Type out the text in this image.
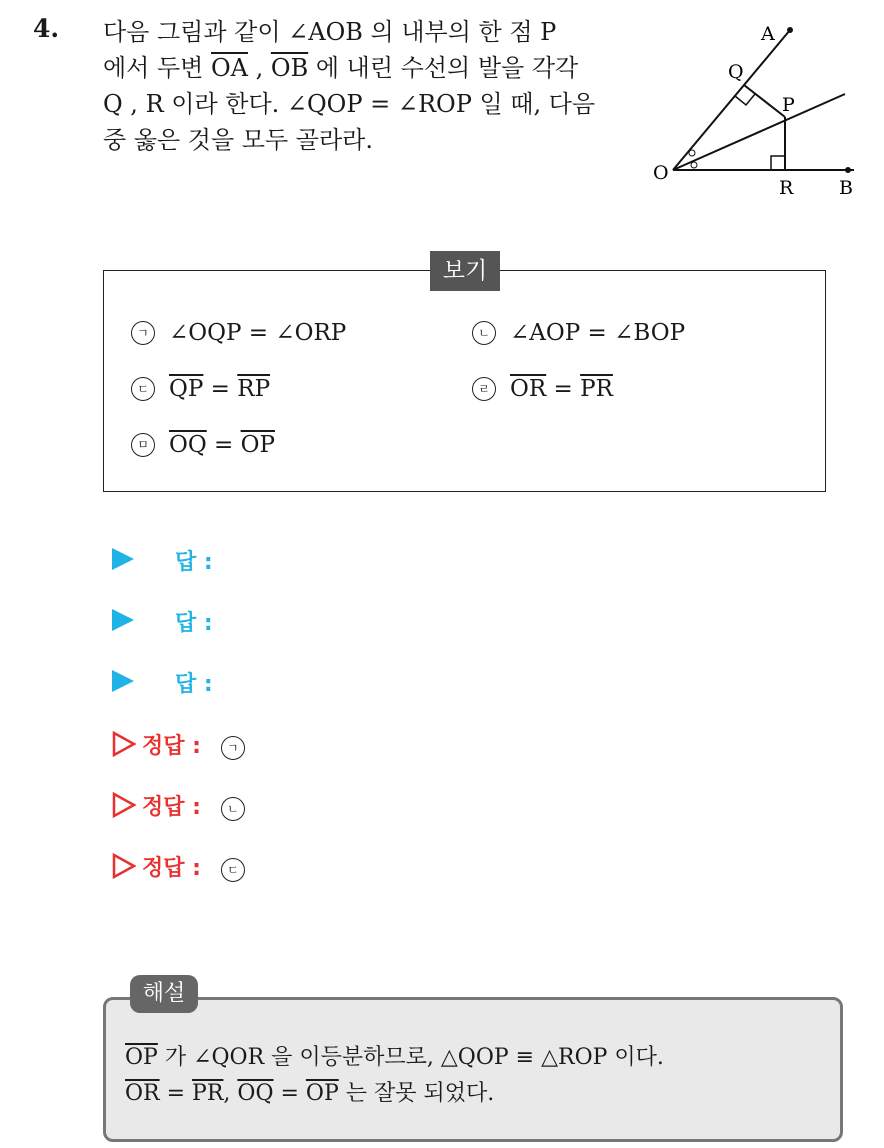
4. 다음 그림과 같이 ∠AOB 의 내부의 한 점 P
에서 두변 $\overline{OA}$ , $\overline{OB}$ 에 내린 수선의 발을 각각
Q , R 이라 한다. ∠QOP = ∠ROP 일 때, 다음
중 옳은 것을 모두 골라라.
A
Q
P
O
R B
보기
ㄱ ∠OQP = ∠ORP	ㄴ ∠AOP = ∠BOP
ㄷ $\overline{QP} = \overline{RP}$	ㄹ $\overline{OR} = \overline{PR}$
ㅁ $\overline{OQ} = \overline{OP}$
답 :
답 :
답 :
정답 : ㄱ
정답 : ㄴ
정답 : ㄷ
해설
$\overline{OP}$ 가 ∠QOR 을 이등분하므로, △QOP ≡ △ROP 이다.
$\overline{OR} = \overline{PR}$, $\overline{OQ} = \overline{OP}$ 는 잘못 되었다.
